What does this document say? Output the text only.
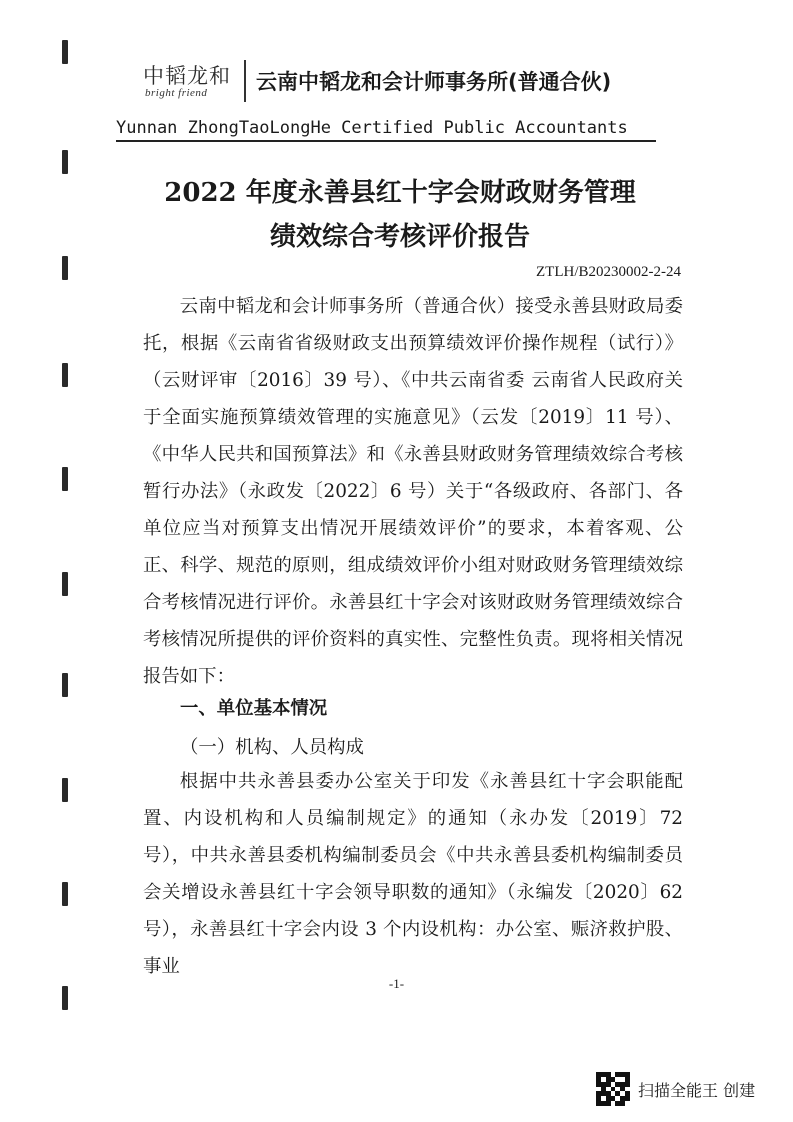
中韬龙和
bright friend 云南中韬龙和会计师事务所(普通合伙)
Yunnan ZhongTaoLongHe Certified Public Accountants
2022 年度永善县红十字会财政财务管理
绩效综合考核评价报告
ZTLH/B20230002-2-24

云南中韬龙和会计师事务所（普通合伙）接受永善县财政局委托，根据《云南省省级财政支出预算绩效评价操作规程（试行）》（云财评审〔2016〕39 号）、《中共云南省委 云南省人民政府关于全面实施预算绩效管理的实施意见》（云发〔2019〕11 号）、《中华人民共和国预算法》和《永善县财政财务管理绩效综合考核暂行办法》（永政发〔2022〕6 号）关于“各级政府、各部门、各单位应当对预算支出情况开展绩效评价”的要求，本着客观、公正、科学、规范的原则，组成绩效评价小组对财政财务管理绩效综合考核情况进行评价。永善县红十字会对该财政财务管理绩效综合考核情况所提供的评价资料的真实性、完整性负责。现将相关情况报告如下：

一、单位基本情况
（一）机构、人员构成

根据中共永善县委办公室关于印发《永善县红十字会职能配置、内设机构和人员编制规定》的通知（永办发〔2019〕72 号），中共永善县委机构编制委员会《中共永善县委机构编制委员会关增设永善县红十字会领导职数的通知》（永编发〔2020〕62 号），永善县红十字会内设 3 个内设机构：办公室、赈济救护股、事业

-1-
扫描全能王 创建
